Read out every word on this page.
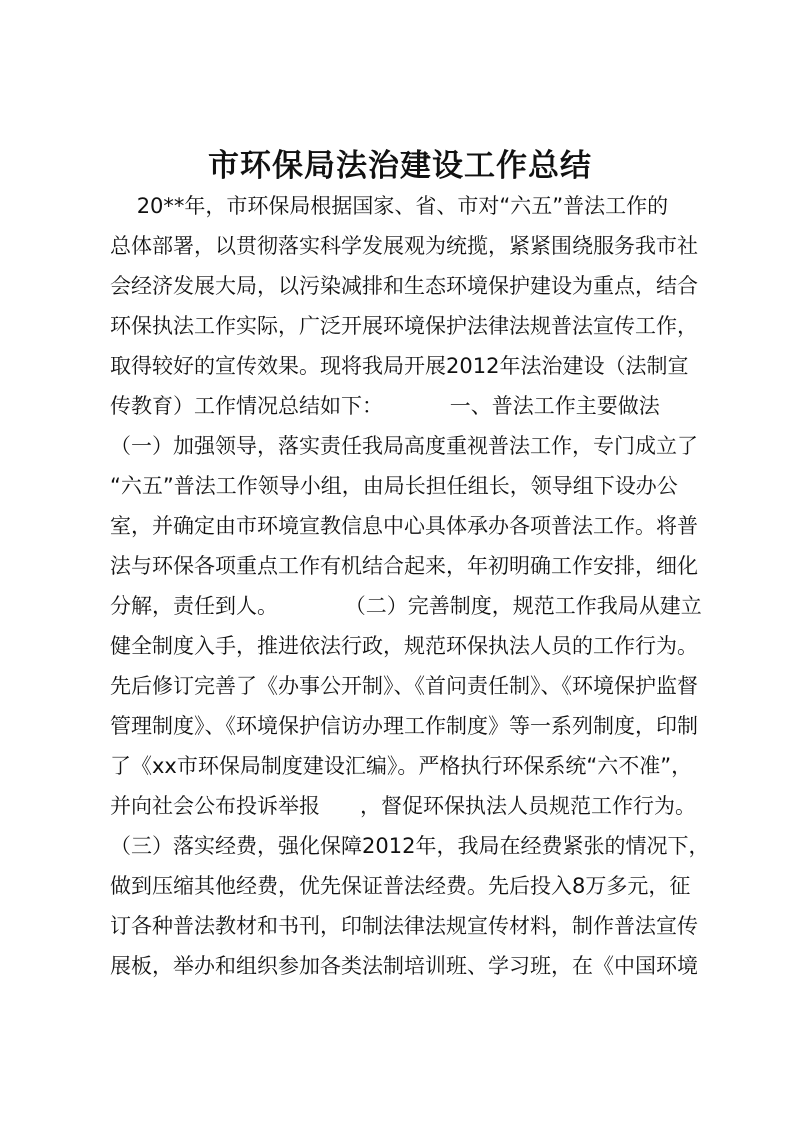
市环保局法治建设工作总结
20**年，市环保局根据国家、省、市对“六五”普法工作的
总体部署，以贯彻落实科学发展观为统揽，紧紧围绕服务我市社
会经济发展大局，以污染减排和生态环境保护建设为重点，结合
环保执法工作实际，广泛开展环境保护法律法规普法宣传工作，
取得较好的宣传效果。现将我局开展2012年法治建设（法制宣
传教育）工作情况总结如下：          一、普法工作主要做法
（一）加强领导，落实责任我局高度重视普法工作，专门成立了
“六五”普法工作领导小组，由局长担任组长，领导组下设办公
室，并确定由市环境宣教信息中心具体承办各项普法工作。将普
法与环保各项重点工作有机结合起来，年初明确工作安排，细化
分解，责任到人。          （二）完善制度，规范工作我局从建立
健全制度入手，推进依法行政，规范环保执法人员的工作行为。
先后修订完善了《办事公开制》、《首问责任制》、《环境保护监督
管理制度》、《环境保护信访办理工作制度》等一系列制度，印制
了《xx市环保局制度建设汇编》。严格执行环保系统“六不准”，
并向社会公布投诉举报      ，督促环保执法人员规范工作行为。
（三）落实经费，强化保障2012年，我局在经费紧张的情况下，
做到压缩其他经费，优先保证普法经费。先后投入8万多元，征
订各种普法教材和书刊，印制法律法规宣传材料，制作普法宣传
展板，举办和组织参加各类法制培训班、学习班，在《中国环境
